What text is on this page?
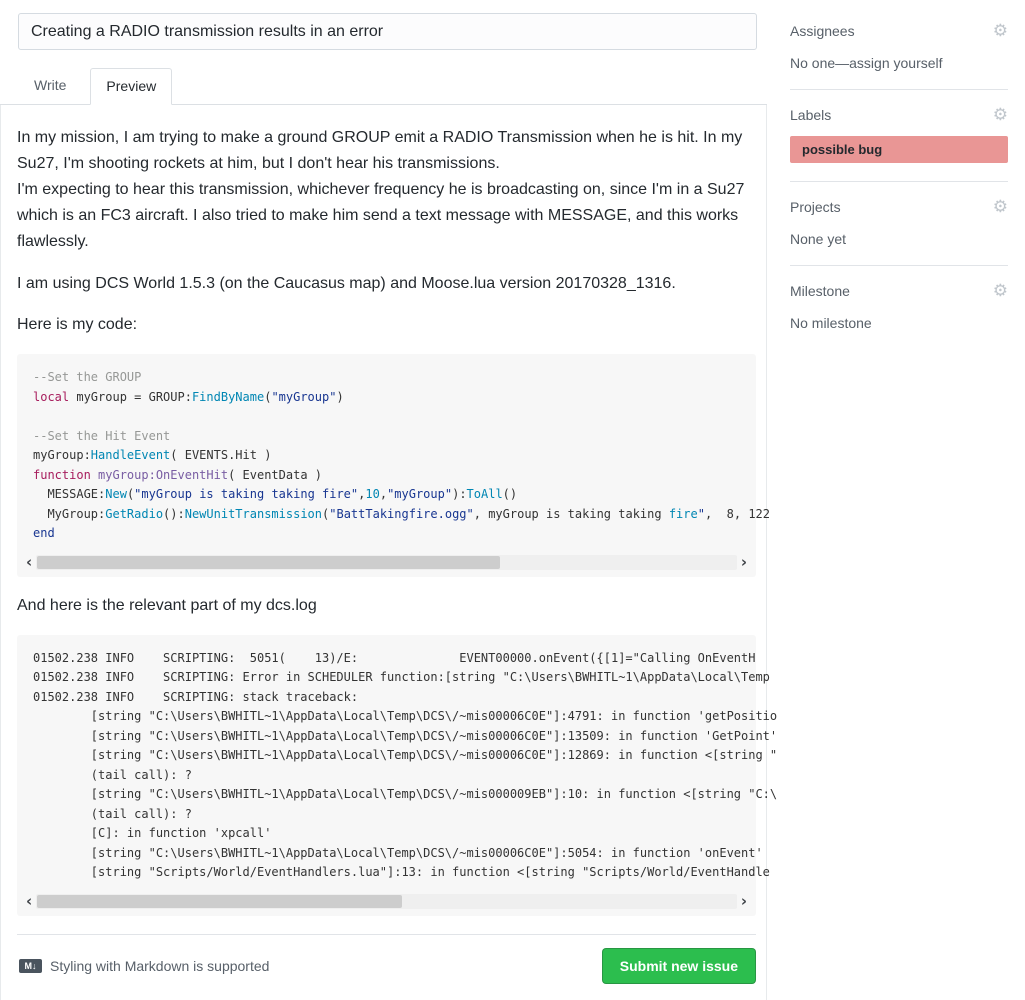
Creating a RADIO transmission results in an error
Write	Preview

In my mission, I am trying to make a ground GROUP emit a RADIO Transmission when he is hit. In my Su27, I'm shooting rockets at him, but I don't hear his transmissions.
I'm expecting to hear this transmission, whichever frequency he is broadcasting on, since I'm in a Su27 which is an FC3 aircraft. I also tried to make him send a text message with MESSAGE, and this works flawlessly.

I am using DCS World 1.5.3 (on the Caucasus map) and Moose.lua version 20170328_1316.

Here is my code:

--Set the GROUP
local myGroup = GROUP:FindByName("myGroup")

--Set the Hit Event
myGroup:HandleEvent( EVENTS.Hit )
function myGroup:OnEventHit( EventData )
MESSAGE:New("myGroup is taking taking fire",10,"myGroup"):ToAll()
MyGroup:GetRadio():NewUnitTransmission("BattTakingfire.ogg", myGroup is taking taking fire",  8, 122
end
‹	›

And here is the relevant part of my dcs.log

01502.238 INFO    SCRIPTING:  5051(    13)/E:              EVENT00000.onEvent({[1]="Calling OnEventH
01502.238 INFO    SCRIPTING: Error in SCHEDULER function:[string "C:\Users\BWHITL~1\AppData\Local\Temp
01502.238 INFO    SCRIPTING: stack traceback:
[string "C:\Users\BWHITL~1\AppData\Local\Temp\DCS\/~mis00006C0E"]:4791: in function 'getPositio
[string "C:\Users\BWHITL~1\AppData\Local\Temp\DCS\/~mis00006C0E"]:13509: in function 'GetPoint'
[string "C:\Users\BWHITL~1\AppData\Local\Temp\DCS\/~mis00006C0E"]:12869: in function <[string "
(tail call): ?
[string "C:\Users\BWHITL~1\AppData\Local\Temp\DCS\/~mis000009EB"]:10: in function <[string "C:\
(tail call): ?
[C]: in function 'xpcall'
[string "C:\Users\BWHITL~1\AppData\Local\Temp\DCS\/~mis00006C0E"]:5054: in function 'onEvent'
[string "Scripts/World/EventHandlers.lua"]:13: in function <[string "Scripts/World/EventHandle
‹	›
M↓ Styling with Markdown is supported	Submit new issue
Assignees	⚙
No one—assign yourself
Labels	⚙
possible bug
Projects	⚙
None yet
Milestone	⚙
No milestone
